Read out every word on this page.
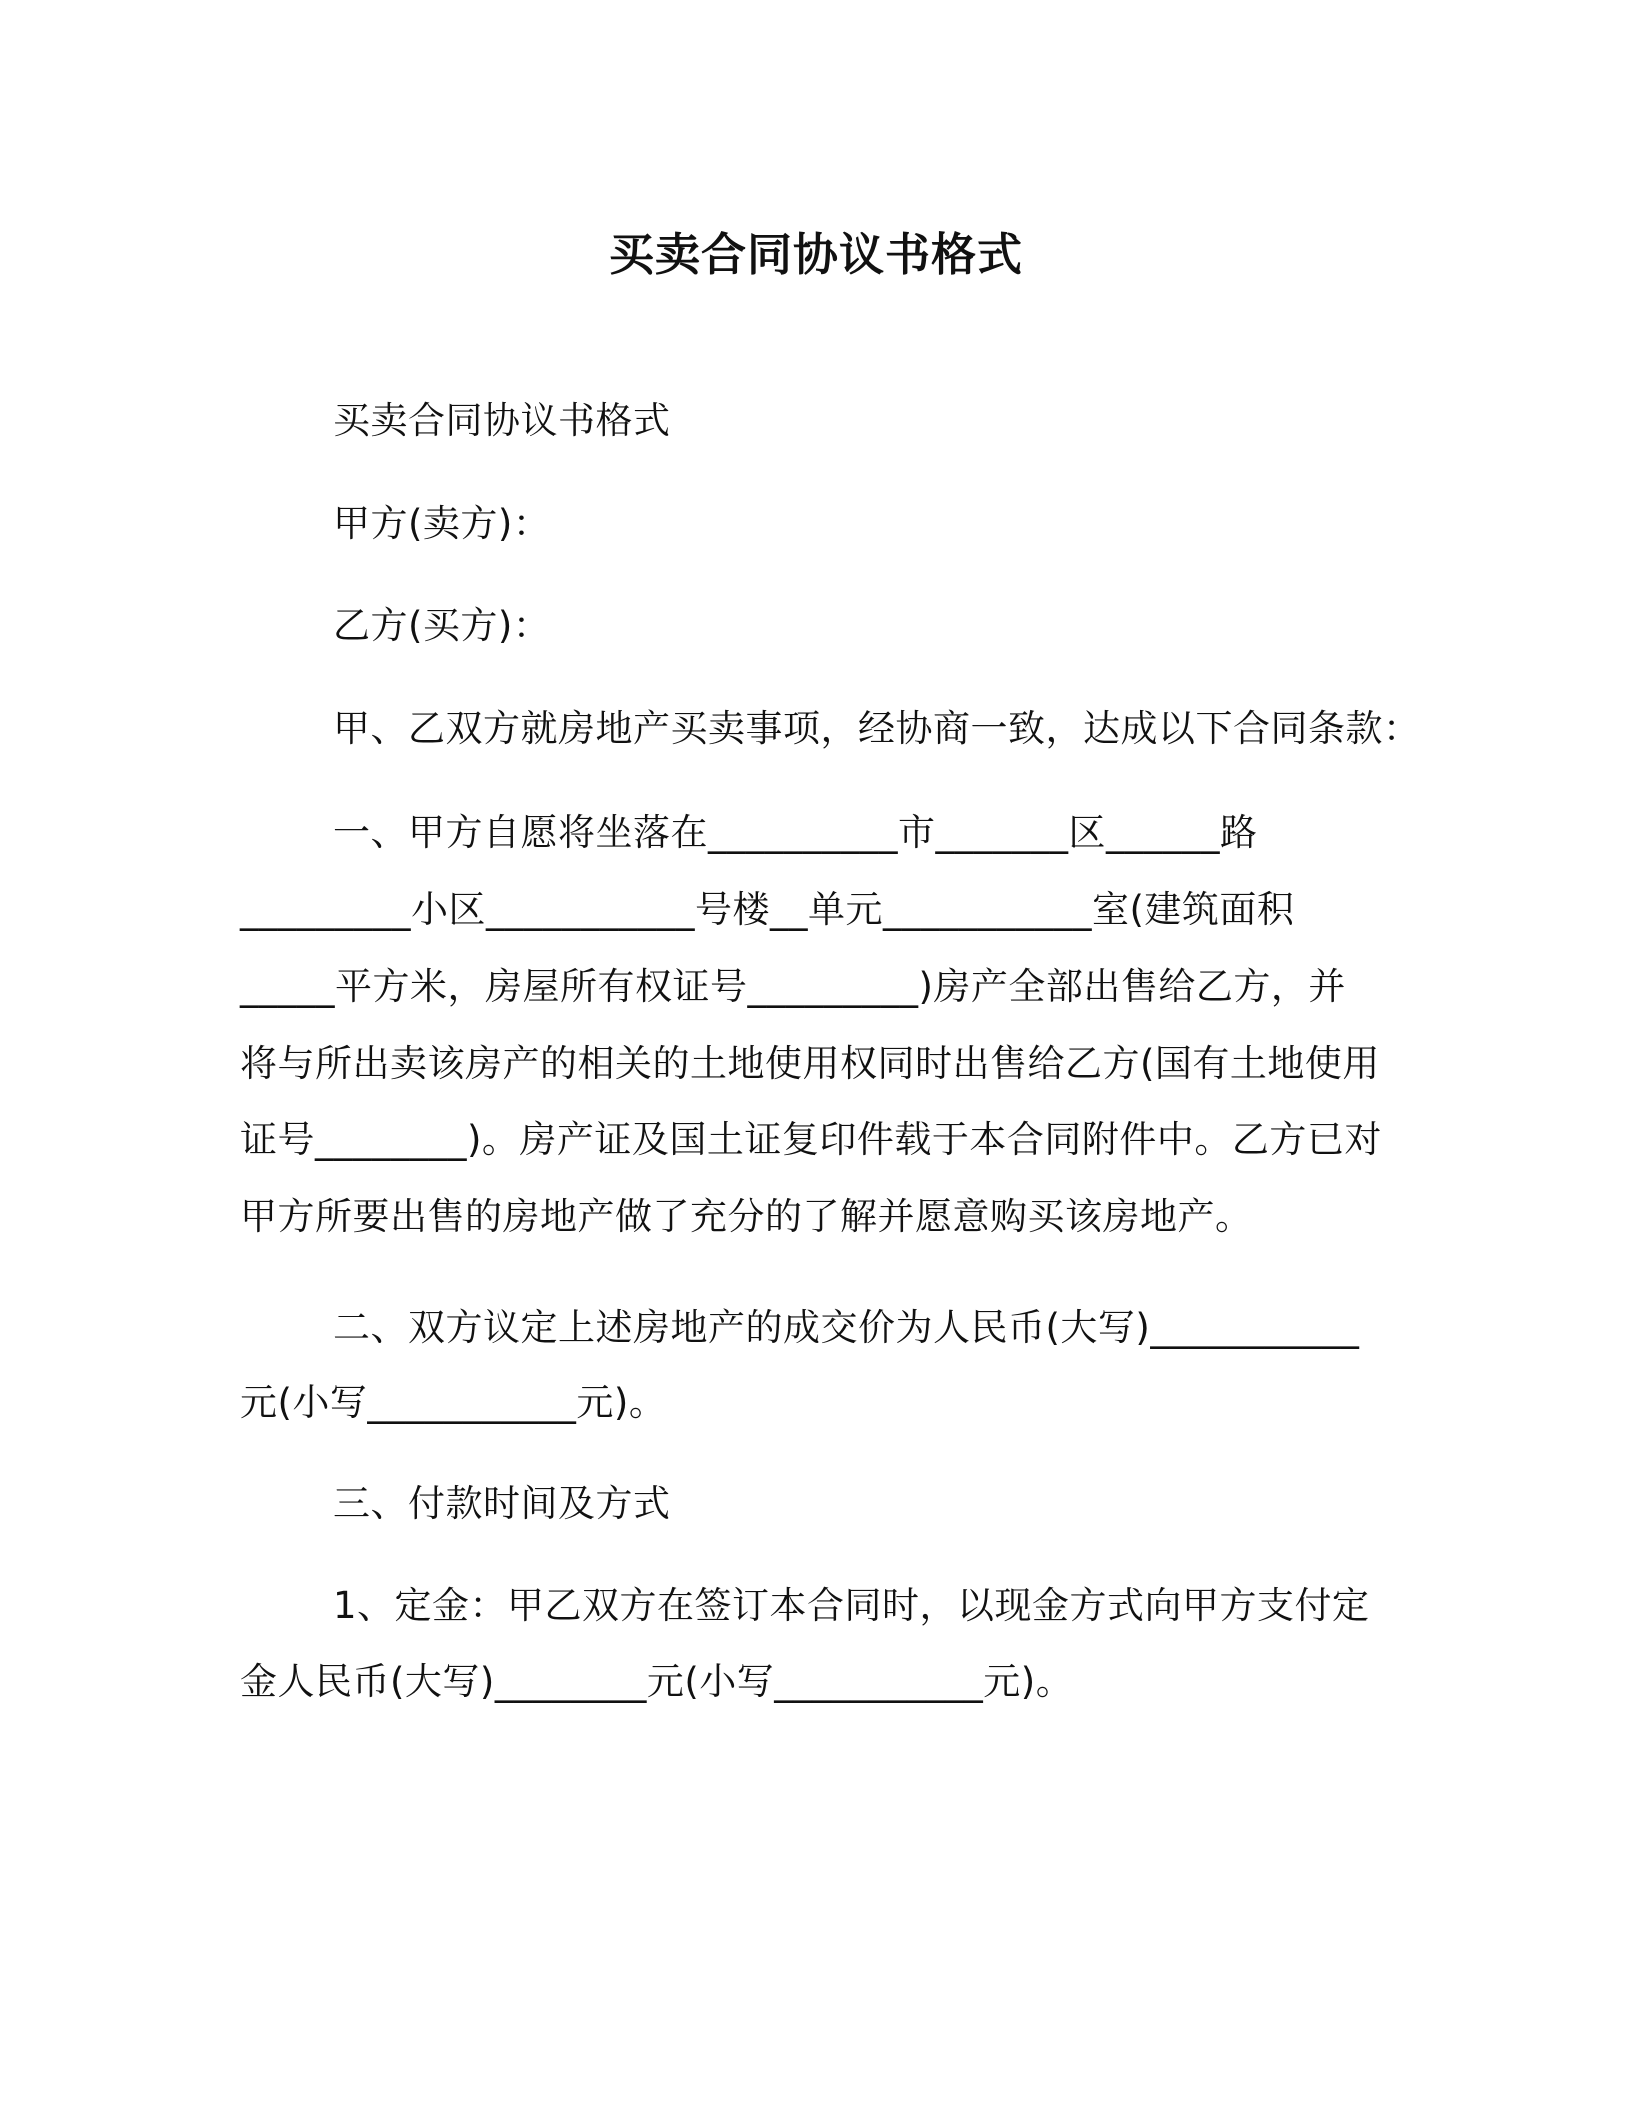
买卖合同协议书格式
买卖合同协议书格式
甲方(卖方)：
乙方(买方)：
甲、乙双方就房地产买卖事项，经协商一致，达成以下合同条款：
一、甲方自愿将坐落在__________市_______区______路
_________小区___________号楼__单元___________室(建筑面积
_____平方米，房屋所有权证号_________)房产全部出售给乙方，并
将与所出卖该房产的相关的土地使用权同时出售给乙方(国有土地使用
证号________)。房产证及国土证复印件载于本合同附件中。乙方已对
甲方所要出售的房地产做了充分的了解并愿意购买该房地产。
二、双方议定上述房地产的成交价为人民币(大写)___________
元(小写___________元)。
三、付款时间及方式
1、定金：甲乙双方在签订本合同时，以现金方式向甲方支付定
金人民币(大写)________元(小写___________元)。
